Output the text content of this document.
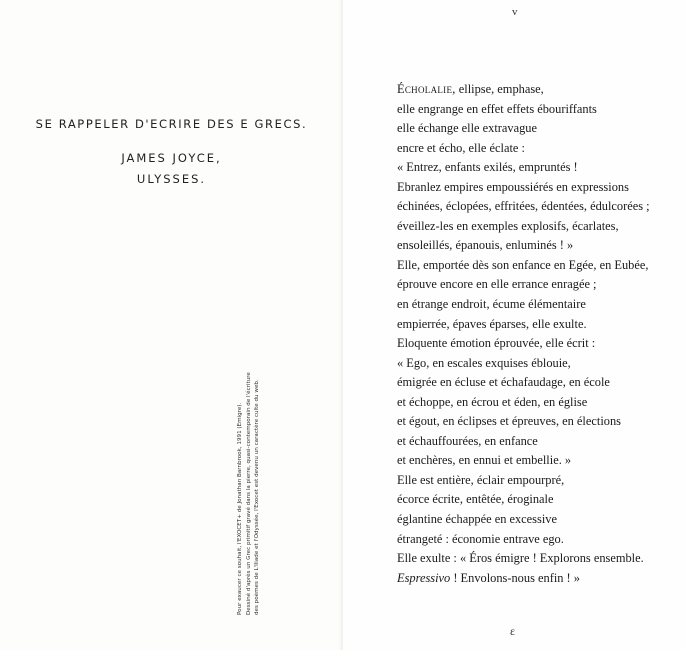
SE RAPPELER D'ECRIRE DES E GRECS.
JAMES JOYCE,
ULYSSES.
Pour exaucer ce souhait, l'EXOCET+ de Jonathan Barnbrook, 1991 (Emigre). Dessiné d'après un Grec primitif gravé dans la pierre, quasi-contemporain de l'écriture des poèmes de L'Iliade et l'Odyssée, l'Exocet est devenu un caractère culte du web.
v
Écholalie, ellipse, emphase,
elle engrange en effet effets ébouriffants
elle échange elle extravague
encre et écho, elle éclate :
« Entrez, enfants exilés, empruntés !
Ebranlez empires empoussiérés en expressions
échinées, éclopées, effritées, édentées, édulcorées ;
éveillez-les en exemples explosifs, écarlates,
ensoleillés, épanouis, enluminés ! »
Elle, emportée dès son enfance en Egée, en Eubée,
éprouve encore en elle errance enragée ;
en étrange endroit, écume élémentaire
empierrée, épaves éparses, elle exulte.
Eloquente émotion éprouvée, elle écrit :
« Ego, en escales exquises éblouie,
émigrée en écluse et échafaudage, en école
et échoppe, en écrou et éden, en église
et égout, en éclipses et épreuves, en élections
et échauffourées, en enfance
et enchères, en ennui et embellie. »
Elle est entière, éclair empourpré,
écorce écrite, entêtée, éroginale
églantine échappée en excessive
étrangeté : économie entrave ego.
Elle exulte : « Éros émigre ! Explorons ensemble.
Espressivo ! Envolons-nous enfin ! »
ɛ
